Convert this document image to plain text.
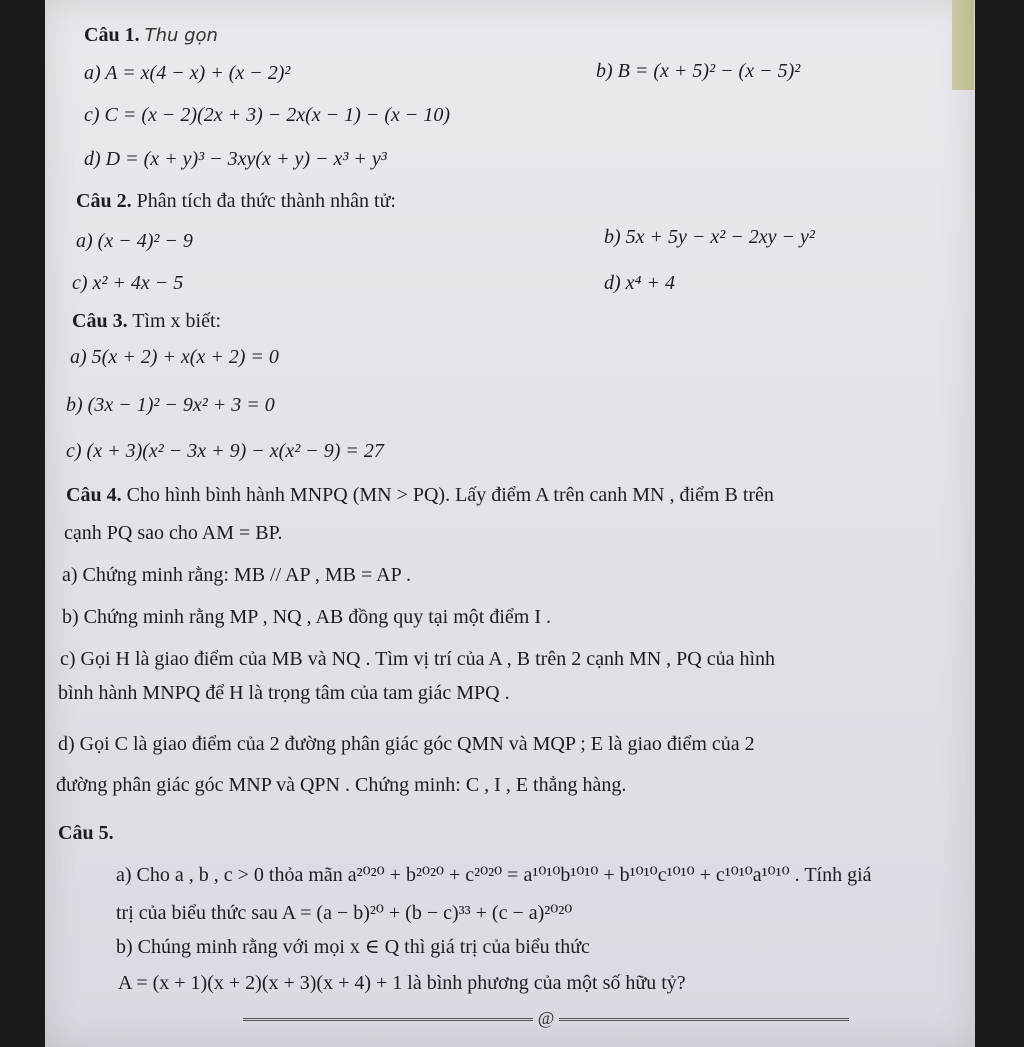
Câu 1. Thu gọn
a) A = x(4 − x) + (x − 2)²	b) B = (x + 5)² − (x − 5)²
c) C = (x − 2)(2x + 3) − 2x(x − 1) − (x − 10)
d) D = (x + y)³ − 3xy(x + y) − x³ + y³
Câu 2. Phân tích đa thức thành nhân tử:
a) (x − 4)² − 9	b) 5x + 5y − x² − 2xy − y²
c) x² + 4x − 5	d) x⁴ + 4
Câu 3. Tìm x biết:
a) 5(x + 2) + x(x + 2) = 0
b) (3x − 1)² − 9x² + 3 = 0
c) (x + 3)(x² − 3x + 9) − x(x² − 9) = 27
Câu 4. Cho hình bình hành MNPQ (MN > PQ). Lấy điểm A trên canh MN , điểm B trên
cạnh PQ sao cho AM = BP.
a) Chứng minh rằng: MB // AP , MB = AP .
b) Chứng minh rằng MP , NQ , AB đồng quy tại một điểm I .
c) Gọi H là giao điểm của MB và NQ . Tìm vị trí của A , B trên 2 cạnh MN , PQ của hình
bình hành MNPQ để H là trọng tâm của tam giác MPQ .
d) Gọi C là giao điểm của 2 đường phân giác góc QMN và MQP ; E là giao điểm của 2
đường phân giác góc MNP và QPN . Chứng minh: C , I , E thẳng hàng.
Câu 5.
a) Cho a , b , c > 0 thỏa mãn a²⁰²⁰ + b²⁰²⁰ + c²⁰²⁰ = a¹⁰¹⁰b¹⁰¹⁰ + b¹⁰¹⁰c¹⁰¹⁰ + c¹⁰¹⁰a¹⁰¹⁰ . Tính giá
trị của biểu thức sau A = (a − b)²⁰ + (b − c)³³ + (c − a)²⁰²⁰
b) Chúng minh rằng với mọi x ∈ Q thì giá trị của biểu thức
A = (x + 1)(x + 2)(x + 3)(x + 4) + 1 là bình phương của một số hữu tỷ?
@
